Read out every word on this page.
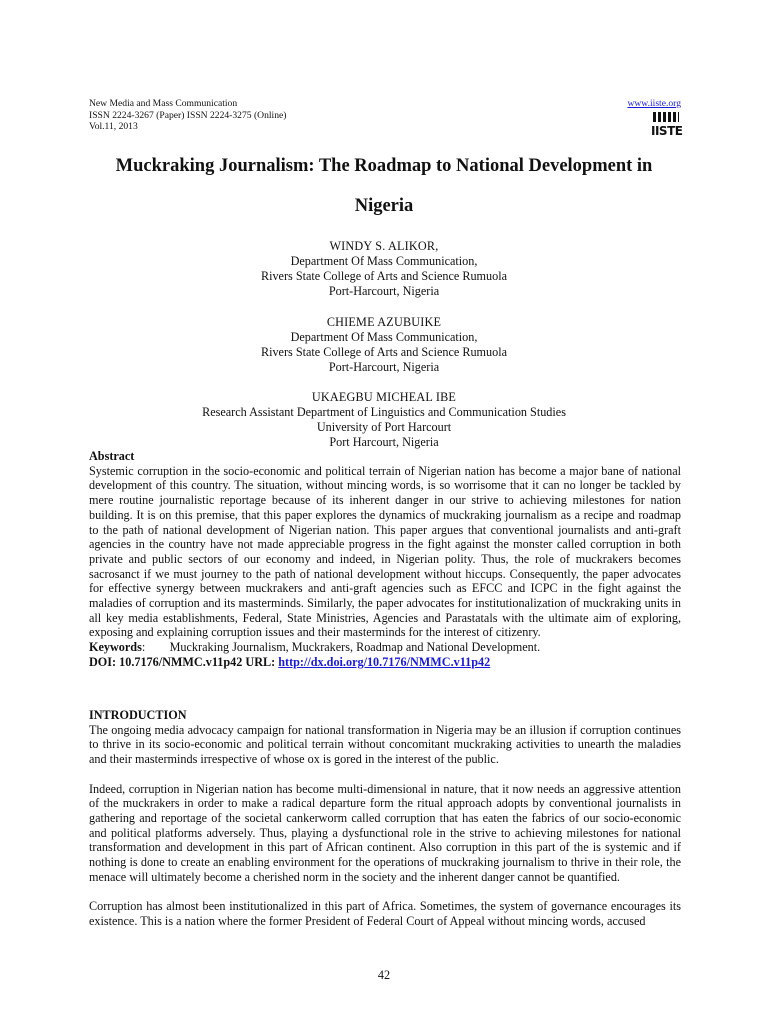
New Media and Mass Communication
ISSN 2224-3267 (Paper) ISSN 2224-3275 (Online)
Vol.11, 2013
www.iiste.org
IISTE
Muckraking Journalism: The Roadmap to National Development in
Nigeria
WINDY S. ALIKOR,
Department Of Mass Communication,
Rivers State College of Arts and Science Rumuola
Port-Harcourt, Nigeria
CHIEME AZUBUIKE
Department Of Mass Communication,
Rivers State College of Arts and Science Rumuola
Port-Harcourt, Nigeria
UKAEGBU MICHEAL IBE
Research Assistant Department of Linguistics and Communication Studies
University of Port Harcourt
Port Harcourt, Nigeria

Abstract

Systemic corruption in the socio-economic and political terrain of Nigerian nation has become a major bane of national development of this country. The situation, without mincing words, is so worrisome that it can no longer be tackled by mere routine journalistic reportage because of its inherent danger in our strive to achieving milestones for nation building. It is on this premise, that this paper explores the dynamics of muckraking journalism as a recipe and roadmap to the path of national development of Nigerian nation. This paper argues that conventional journalists and anti-graft agencies in the country have not made appreciable progress in the fight against the monster called corruption in both private and public sectors of our economy and indeed, in Nigerian polity. Thus, the role of muckrakers becomes sacrosanct if we must journey to the path of national development without hiccups. Consequently, the paper advocates for effective synergy between muckrakers and anti-graft agencies such as EFCC and ICPC in the fight against the maladies of corruption and its masterminds. Similarly, the paper advocates for institutionalization of muckraking units in all key media establishments, Federal, State Ministries, Agencies and Parastatals with the ultimate aim of exploring, exposing and explaining corruption issues and their masterminds for the interest of citizenry.

Keywords:        Muckraking Journalism, Muckrakers, Roadmap and National Development.

DOI: 10.7176/NMMC.v11p42 URL: http://dx.doi.org/10.7176/NMMC.v11p42

INTRODUCTION

The ongoing media advocacy campaign for national transformation in Nigeria may be an illusion if corruption continues to thrive in its socio-economic and political terrain without concomitant muckraking activities to unearth the maladies and their masterminds irrespective of whose ox is gored in the interest of the public.

Indeed, corruption in Nigerian nation has become multi-dimensional in nature, that it now needs an aggressive attention of the muckrakers in order to make a radical departure form the ritual approach adopts by conventional journalists in gathering and reportage of the societal cankerworm called corruption that has eaten the fabrics of our socio-economic and political platforms adversely. Thus, playing a dysfunctional role in the strive to achieving milestones for national transformation and development in this part of African continent. Also corruption in this part of the is systemic and if nothing is done to create an enabling environment for the operations of muckraking journalism to thrive in their role, the menace will ultimately become a cherished norm in the society and the inherent danger cannot be quantified.

Corruption has almost been institutionalized in this part of Africa. Sometimes, the system of governance encourages its existence. This is a nation where the former President of Federal Court of Appeal without mincing words, accused

42
